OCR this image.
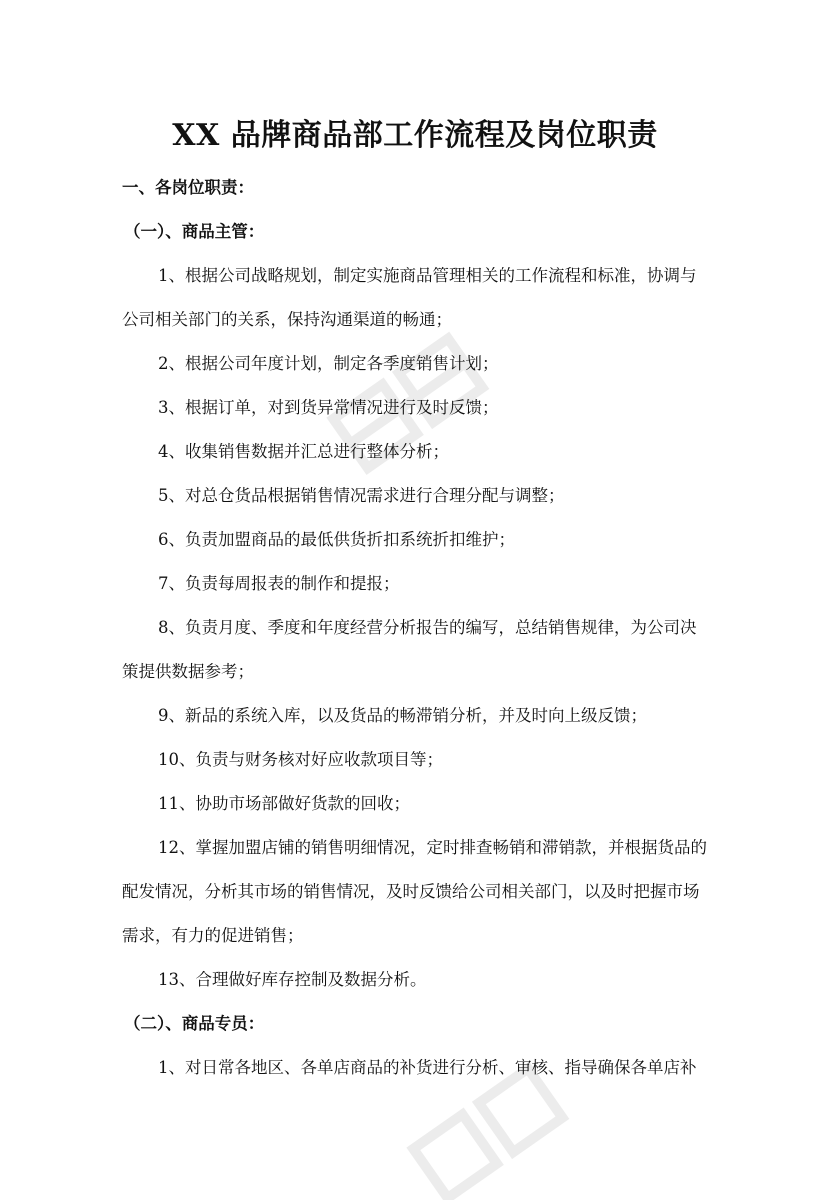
XX 品牌商品部工作流程及岗位职责
一、各岗位职责：
（一）、商品主管：
1、根据公司战略规划，制定实施商品管理相关的工作流程和标准，协调与
公司相关部门的关系，保持沟通渠道的畅通；
2、根据公司年度计划，制定各季度销售计划；
3、根据订单，对到货异常情况进行及时反馈；
4、收集销售数据并汇总进行整体分析；
5、对总仓货品根据销售情况需求进行合理分配与调整；
6、负责加盟商品的最低供货折扣系统折扣维护；
7、负责每周报表的制作和提报；
8、负责月度、季度和年度经营分析报告的编写，总结销售规律，为公司决
策提供数据参考；
9、新品的系统入库，以及货品的畅滞销分析，并及时向上级反馈；
10、负责与财务核对好应收款项目等；
11、协助市场部做好货款的回收；
12、掌握加盟店铺的销售明细情况，定时排查畅销和滞销款，并根据货品的
配发情况，分析其市场的销售情况，及时反馈给公司相关部门，以及时把握市场
需求，有力的促进销售；
13、合理做好库存控制及数据分析。
（二）、商品专员：
1、对日常各地区、各单店商品的补货进行分析、审核、指导确保各单店补
